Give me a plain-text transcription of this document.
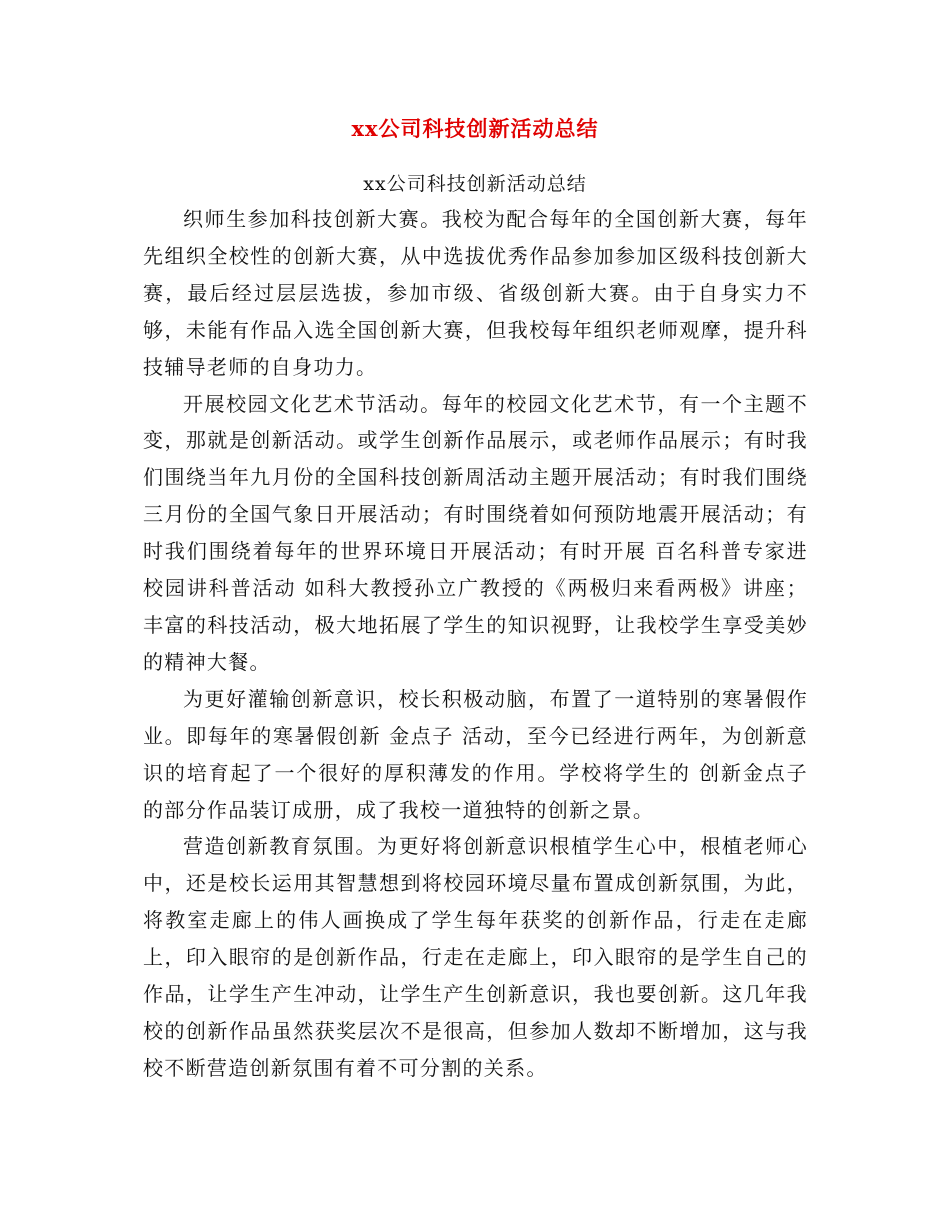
xx公司科技创新活动总结
xx公司科技创新活动总结

织师生参加科技创新大赛。我校为配合每年的全国创新大赛，每年先组织全校性的创新大赛，从中选拔优秀作品参加参加区级科技创新大赛，最后经过层层选拔，参加市级、省级创新大赛。由于自身实力不够，未能有作品入选全国创新大赛，但我校每年组织老师观摩，提升科技辅导老师的自身功力。

开展校园文化艺术节活动。每年的校园文化艺术节，有一个主题不变，那就是创新活动。或学生创新作品展示，或老师作品展示；有时我们围绕当年九月份的全国科技创新周活动主题开展活动；有时我们围绕三月份的全国气象日开展活动；有时围绕着如何预防地震开展活动；有时我们围绕着每年的世界环境日开展活动；有时开展 百名科普专家进校园讲科普活动 如科大教授孙立广教授的《两极归来看两极》讲座；丰富的科技活动，极大地拓展了学生的知识视野，让我校学生享受美妙的精神大餐。

为更好灌输创新意识，校长积极动脑，布置了一道特别的寒暑假作业。即每年的寒暑假创新 金点子 活动，至今已经进行两年，为创新意识的培育起了一个很好的厚积薄发的作用。学校将学生的 创新金点子 的部分作品装订成册，成了我校一道独特的创新之景。

营造创新教育氛围。为更好将创新意识根植学生心中，根植老师心中，还是校长运用其智慧想到将校园环境尽量布置成创新氛围，为此，将教室走廊上的伟人画换成了学生每年获奖的创新作品，行走在走廊上，印入眼帘的是创新作品，行走在走廊上，印入眼帘的是学生自己的作品，让学生产生冲动，让学生产生创新意识，我也要创新。这几年我校的创新作品虽然获奖层次不是很高，但参加人数却不断增加，这与我校不断营造创新氛围有着不可分割的关系。
